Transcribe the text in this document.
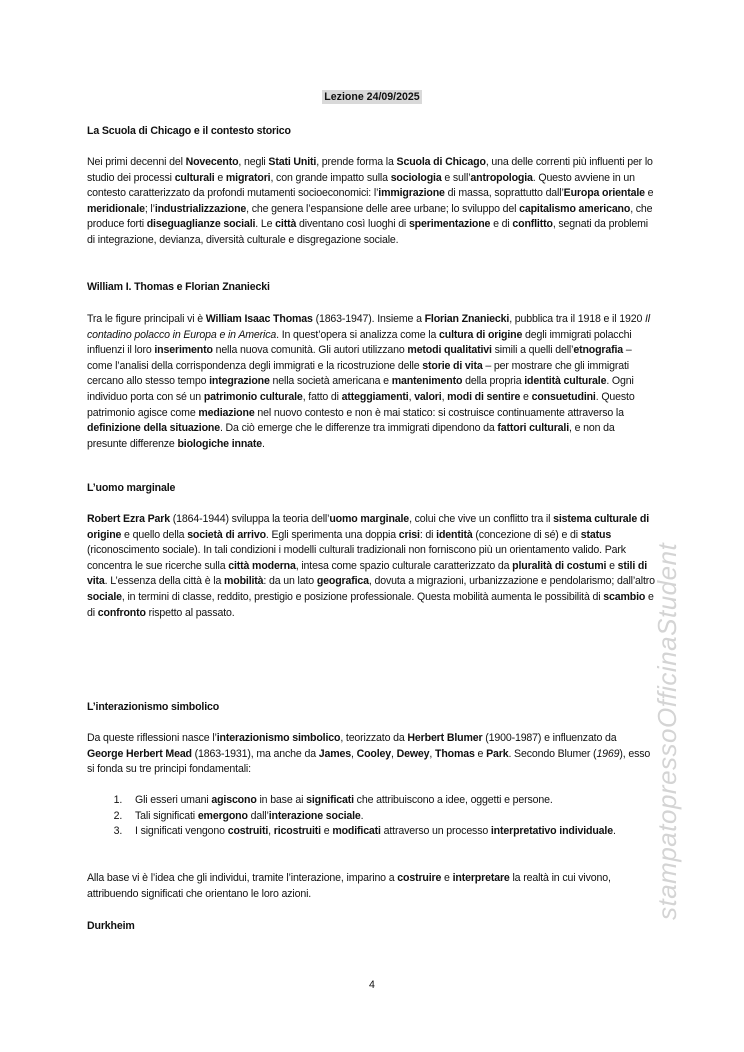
Lezione 24/09/2025
La Scuola di Chicago e il contesto storico
Nei primi decenni del Novecento, negli Stati Uniti, prende forma la Scuola di Chicago, una delle correnti più influenti per lo studio dei processi culturali e migratori, con grande impatto sulla sociologia e sull’antropologia. Questo avviene in un contesto caratterizzato da profondi mutamenti socioeconomici: l’immigrazione di massa, soprattutto dall’Europa orientale e meridionale; l’industrializzazione, che genera l’espansione delle aree urbane; lo sviluppo del capitalismo americano, che produce forti diseguaglianze sociali. Le città diventano così luoghi di sperimentazione e di conflitto, segnati da problemi di integrazione, devianza, diversità culturale e disgregazione sociale.
William I. Thomas e Florian Znaniecki
Tra le figure principali vi è William Isaac Thomas (1863-1947). Insieme a Florian Znaniecki, pubblica tra il 1918 e il 1920 Il contadino polacco in Europa e in America. In quest’opera si analizza come la cultura di origine degli immigrati polacchi influenzi il loro inserimento nella nuova comunità. Gli autori utilizzano metodi qualitativi simili a quelli dell’etnografia – come l’analisi della corrispondenza degli immigrati e la ricostruzione delle storie di vita – per mostrare che gli immigrati cercano allo stesso tempo integrazione nella società americana e mantenimento della propria identità culturale. Ogni individuo porta con sé un patrimonio culturale, fatto di atteggiamenti, valori, modi di sentire e consuetudini. Questo patrimonio agisce come mediazione nel nuovo contesto e non è mai statico: si costruisce continuamente attraverso la definizione della situazione. Da ciò emerge che le differenze tra immigrati dipendono da fattori culturali, e non da presunte differenze biologiche innate.
L’uomo marginale
Robert Ezra Park (1864-1944) sviluppa la teoria dell’uomo marginale, colui che vive un conflitto tra il sistema culturale di origine e quello della società di arrivo. Egli sperimenta una doppia crisi: di identità (concezione di sé) e di status (riconoscimento sociale). In tali condizioni i modelli culturali tradizionali non forniscono più un orientamento valido. Park concentra le sue ricerche sulla città moderna, intesa come spazio culturale caratterizzato da pluralità di costumi e stili di vita. L’essenza della città è la mobilità: da un lato geografica, dovuta a migrazioni, urbanizzazione e pendolarismo; dall’altro sociale, in termini di classe, reddito, prestigio e posizione professionale. Questa mobilità aumenta le possibilità di scambio e di confronto rispetto al passato.
L’interazionismo simbolico
Da queste riflessioni nasce l’interazionismo simbolico, teorizzato da Herbert Blumer (1900-1987) e influenzato da George Herbert Mead (1863-1931), ma anche da James, Cooley, Dewey, Thomas e Park. Secondo Blumer (1969), esso si fonda su tre principi fondamentali:
1. Gli esseri umani agiscono in base ai significati che attribuiscono a idee, oggetti e persone.
2. Tali significati emergono dall’interazione sociale.
3. I significati vengono costruiti, ricostruiti e modificati attraverso un processo interpretativo individuale.
Alla base vi è l’idea che gli individui, tramite l’interazione, imparino a costruire e interpretare la realtà in cui vivono, attribuendo significati che orientano le loro azioni.
Durkheim
4
stampatopressoOfficinaStudent
